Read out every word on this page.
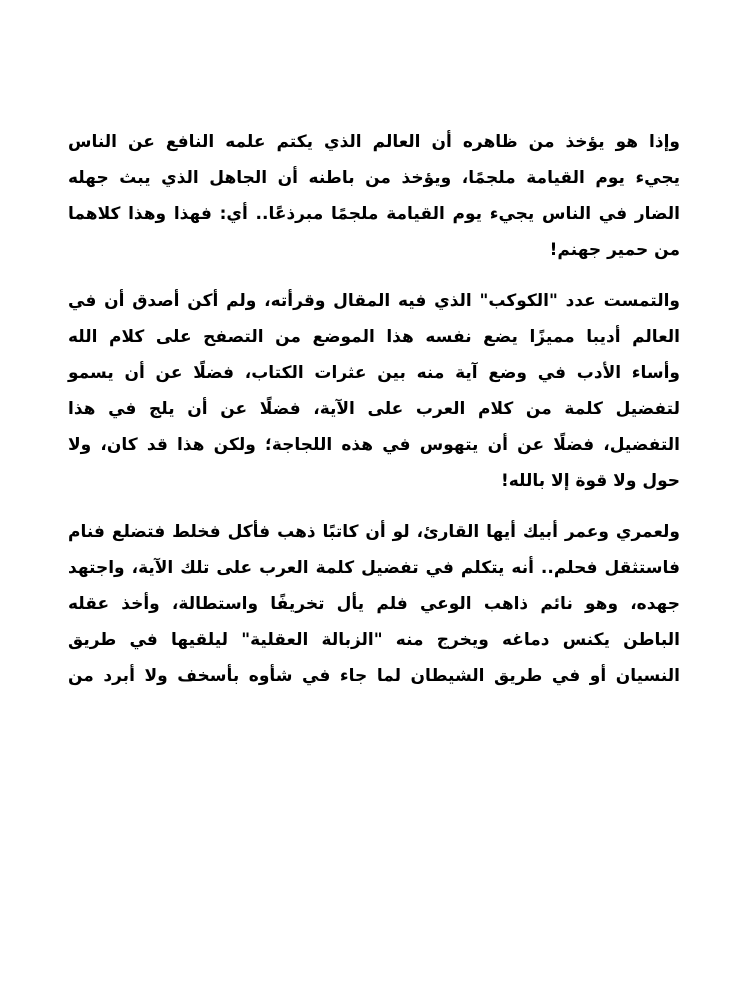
وإذا هو يؤخذ من ظاهره أن العالم الذي يكتم علمه النافع عن الناس
يجيء يوم القيامة ملجمًا، ويؤخذ من باطنه أن الجاهل الذي يبث جهله
الضار في الناس يجيء يوم القيامة ملجمًا مبرذعًا.. أي: فهذا وهذا كلاهما
من حمير جهنم!
والتمست عدد "الكوكب" الذي فيه المقال وقرأته، ولم أكن أصدق أن في
العالم أديبا مميزًا يضع نفسه هذا الموضع من التصفح على كلام الله
وأساء الأدب في وضع آية منه بين عثرات الكتاب، فضلًا عن أن يسمو
لتفضيل كلمة من كلام العرب على الآية، فضلًا عن أن يلج في هذا
التفضيل، فضلًا عن أن يتهوس في هذه اللجاجة؛ ولكن هذا قد كان، ولا
حول ولا قوة إلا بالله!
ولعمري وعمر أبيك أيها القارئ، لو أن كاتبًا ذهب فأكل فخلط فتضلع فنام
فاستثقل فحلم.. أنه يتكلم في تفضيل كلمة العرب على تلك الآية، واجتهد
جهده، وهو نائم ذاهب الوعي فلم يأل تخريفًا واستطالة، وأخذ عقله
الباطن يكنس دماغه ويخرج منه "الزبالة العقلية" ليلقيها في طريق
النسيان أو في طريق الشيطان لما جاء في شأوه بأسخف ولا أبرد من
